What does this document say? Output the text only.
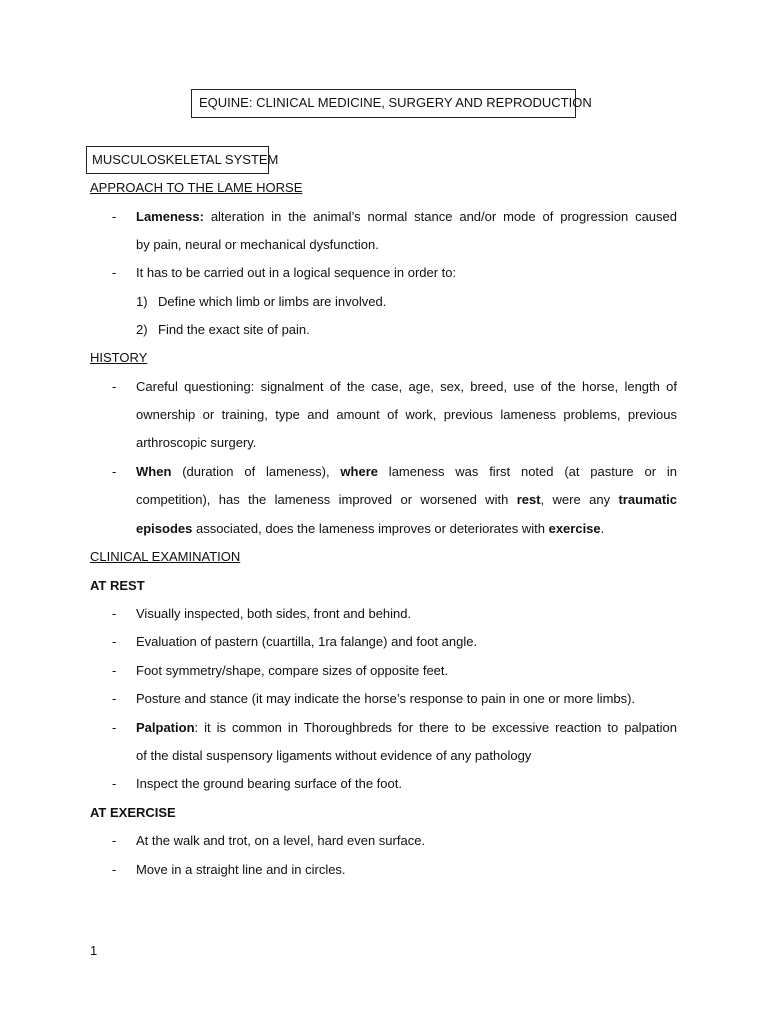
EQUINE: CLINICAL MEDICINE, SURGERY AND REPRODUCTION
MUSCULOSKELETAL SYSTEM
APPROACH TO THE LAME HORSE
- Lameness: alteration in the animal’s normal stance and/or mode of progression caused
by pain, neural or mechanical dysfunction.
- It has to be carried out in a logical sequence in order to:
1) Define which limb or limbs are involved.
2) Find the exact site of pain.
HISTORY
- Careful questioning: signalment of the case, age, sex, breed, use of the horse, length of
ownership or training, type and amount of work, previous lameness problems, previous
arthroscopic surgery.
- When (duration of lameness), where lameness was first noted (at pasture or in
competition), has the lameness improved or worsened with rest, were any traumatic
episodes associated, does the lameness improves or deteriorates with exercise.
CLINICAL EXAMINATION
AT REST
- Visually inspected, both sides, front and behind.
- Evaluation of pastern (cuartilla, 1ra falange) and foot angle.
- Foot symmetry/shape, compare sizes of opposite feet.
- Posture and stance (it may indicate the horse’s response to pain in one or more limbs).
- Palpation: it is common in Thoroughbreds for there to be excessive reaction to palpation
of the distal suspensory ligaments without evidence of any pathology
- Inspect the ground bearing surface of the foot.
AT EXERCISE
- At the walk and trot, on a level, hard even surface.
- Move in a straight line and in circles.
1
